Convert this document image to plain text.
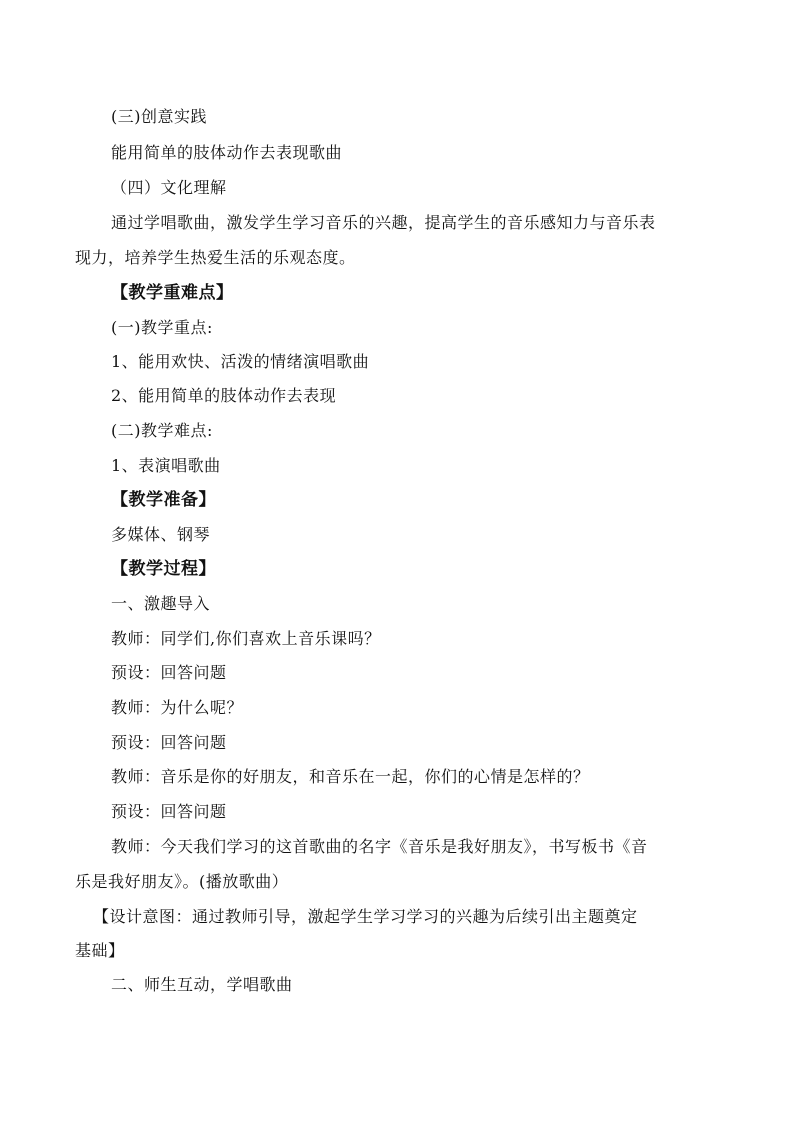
(三)创意实践
能用简单的肢体动作去表现歌曲
（四）文化理解
通过学唱歌曲，激发学生学习音乐的兴趣，提高学生的音乐感知力与音乐表
现力，培养学生热爱生活的乐观态度。
【教学重难点】
(一)教学重点:
1、能用欢快、活泼的情绪演唱歌曲
2、能用简单的肢体动作去表现
(二)教学难点:
1、表演唱歌曲
【教学准备】
多媒体、钢琴
【教学过程】
一、激趣导入
教师：同学们,你们喜欢上音乐课吗？
预设：回答问题
教师：为什么呢？
预设：回答问题
教师：音乐是你的好朋友，和音乐在一起，你们的心情是怎样的？
预设：回答问题
教师：今天我们学习的这首歌曲的名字《音乐是我好朋友》，书写板书《音
乐是我好朋友》。(播放歌曲）
【设计意图：通过教师引导，激起学生学习学习的兴趣为后续引出主题奠定
基础】
二、师生互动，学唱歌曲
